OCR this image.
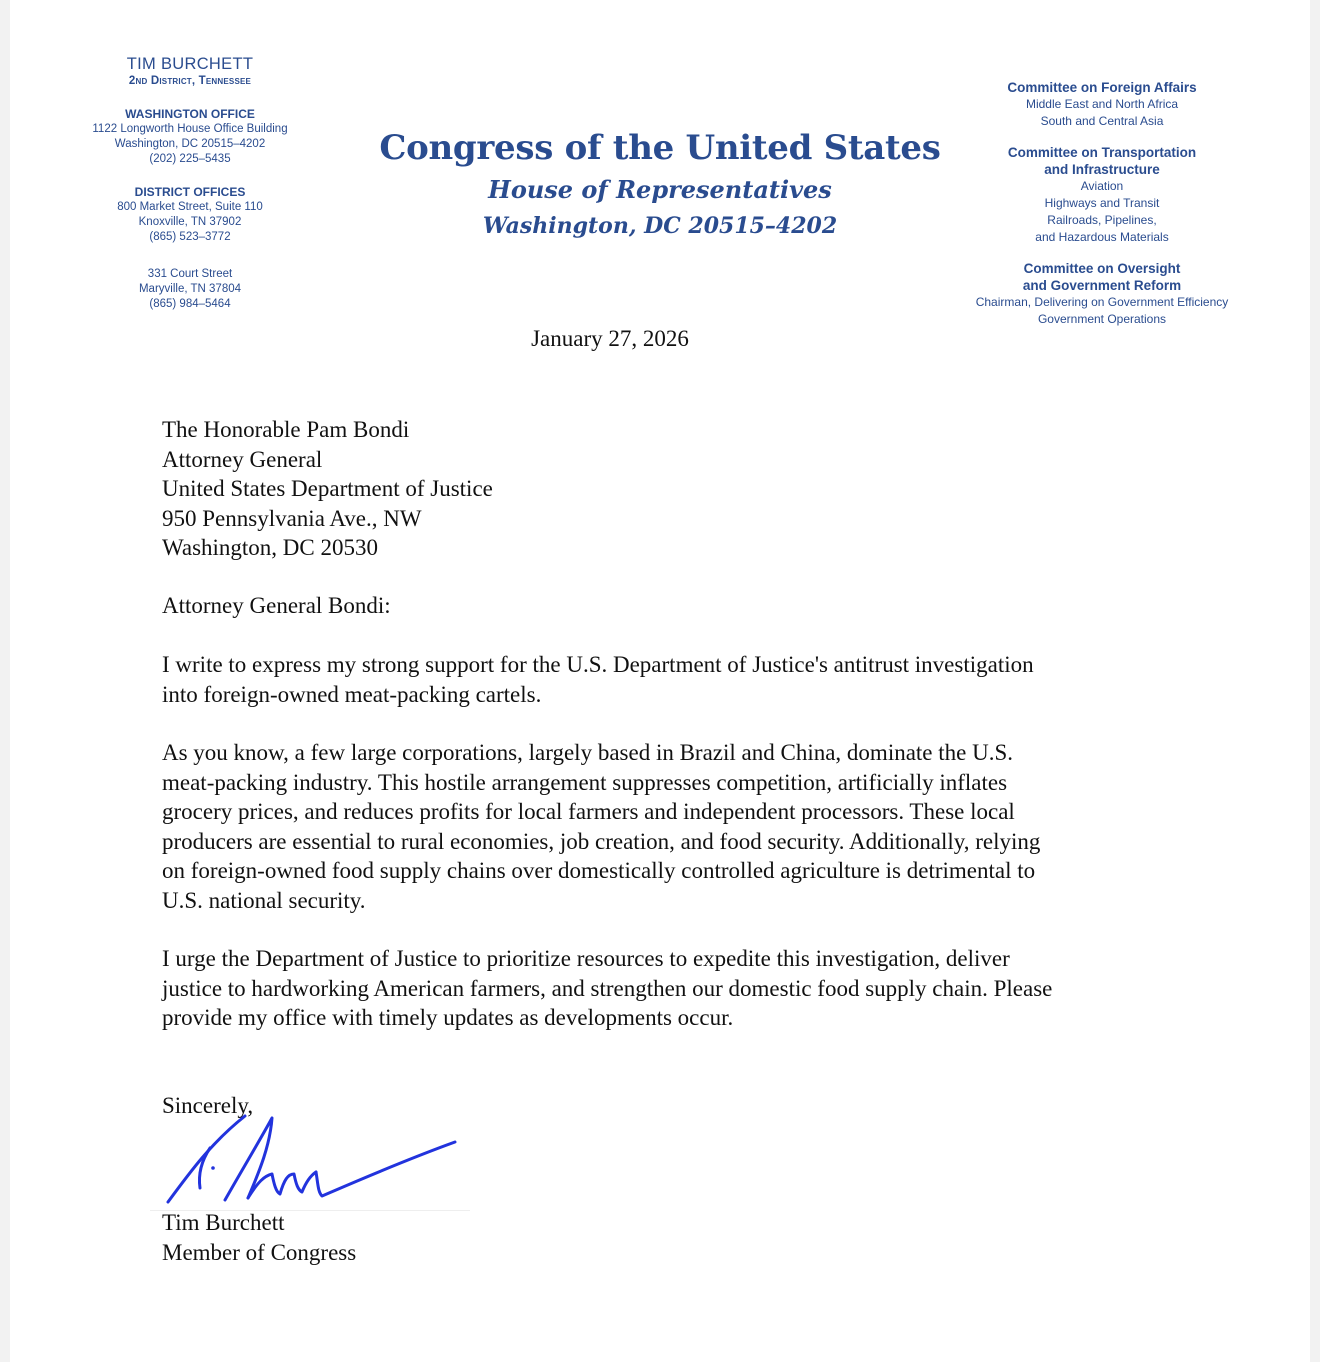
TIM BURCHETT
2nd District, Tennessee
WASHINGTON OFFICE
1122 Longworth House Office Building
Washington, DC 20515–4202
(202) 225–5435
DISTRICT OFFICES
800 Market Street, Suite 110
Knoxville, TN 37902
(865) 523–3772
331 Court Street
Maryville, TN 37804
(865) 984–5464
Congress of the United States
House of Representatives
Washington, DC 20515–4202
Committee on Foreign Affairs
Middle East and North Africa
South and Central Asia
Committee on Transportation
and Infrastructure
Aviation
Highways and Transit
Railroads, Pipelines,
and Hazardous Materials
Committee on Oversight
and Government Reform
Chairman, Delivering on Government Efficiency
Government Operations
January 27, 2026
The Honorable Pam Bondi
Attorney General
United States Department of Justice
950 Pennsylvania Ave., NW
Washington, DC 20530
Attorney General Bondi:
I write to express my strong support for the U.S. Department of Justice's antitrust investigation
into foreign-owned meat-packing cartels.
As you know, a few large corporations, largely based in Brazil and China, dominate the U.S.
meat-packing industry. This hostile arrangement suppresses competition, artificially inflates
grocery prices, and reduces profits for local farmers and independent processors. These local
producers are essential to rural economies, job creation, and food security. Additionally, relying
on foreign-owned food supply chains over domestically controlled agriculture is detrimental to
U.S. national security.
I urge the Department of Justice to prioritize resources to expedite this investigation, deliver
justice to hardworking American farmers, and strengthen our domestic food supply chain. Please
provide my office with timely updates as developments occur.
Sincerely,
Tim Burchett
Member of Congress
